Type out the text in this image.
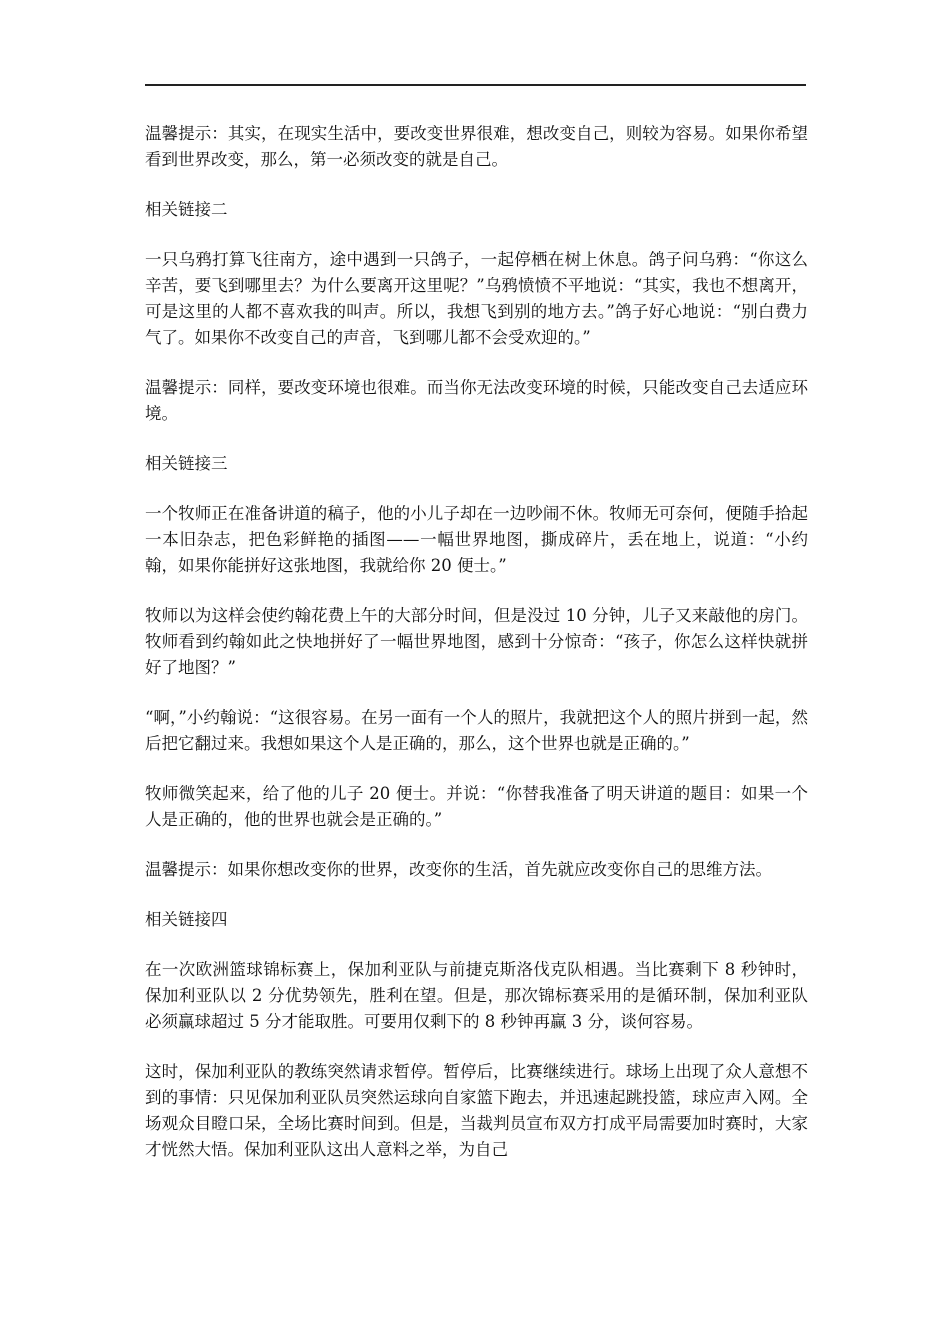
温馨提示：其实，在现实生活中，要改变世界很难，想改变自己，则较为容易。如果你希望看到世界改变，那么，第一必须改变的就是自己。

相关链接二

一只乌鸦打算飞往南方，途中遇到一只鸽子，一起停栖在树上休息。鸽子问乌鸦：“你这么辛苦，要飞到哪里去？为什么要离开这里呢？”乌鸦愤愤不平地说：“其实，我也不想离开，可是这里的人都不喜欢我的叫声。所以，我想飞到别的地方去。”鸽子好心地说：“别白费力气了。如果你不改变自己的声音，飞到哪儿都不会受欢迎的。”

温馨提示：同样，要改变环境也很难。而当你无法改变环境的时候，只能改变自己去适应环境。

相关链接三

一个牧师正在准备讲道的稿子，他的小儿子却在一边吵闹不休。牧师无可奈何，便随手拾起一本旧杂志，把色彩鲜艳的插图——一幅世界地图，撕成碎片，丢在地上，说道：“小约翰，如果你能拼好这张地图，我就给你 20 便士。”

牧师以为这样会使约翰花费上午的大部分时间，但是没过 10 分钟，儿子又来敲他的房门。牧师看到约翰如此之快地拼好了一幅世界地图，感到十分惊奇：“孩子，你怎么这样快就拼好了地图？”

“啊，”小约翰说：“这很容易。在另一面有一个人的照片，我就把这个人的照片拼到一起，然后把它翻过来。我想如果这个人是正确的，那么，这个世界也就是正确的。”

牧师微笑起来，给了他的儿子 20 便士。并说：“你替我准备了明天讲道的题目：如果一个人是正确的，他的世界也就会是正确的。”

温馨提示：如果你想改变你的世界，改变你的生活，首先就应改变你自己的思维方法。

相关链接四

在一次欧洲篮球锦标赛上，保加利亚队与前捷克斯洛伐克队相遇。当比赛剩下 8 秒钟时，保加利亚队以 2 分优势领先，胜利在望。但是，那次锦标赛采用的是循环制，保加利亚队必须赢球超过 5 分才能取胜。可要用仅剩下的 8 秒钟再赢 3 分，谈何容易。

这时，保加利亚队的教练突然请求暂停。暂停后，比赛继续进行。球场上出现了众人意想不到的事情：只见保加利亚队员突然运球向自家篮下跑去，并迅速起跳投篮，球应声入网。全场观众目瞪口呆，全场比赛时间到。但是，当裁判员宣布双方打成平局需要加时赛时，大家才恍然大悟。保加利亚队这出人意料之举，为自己
